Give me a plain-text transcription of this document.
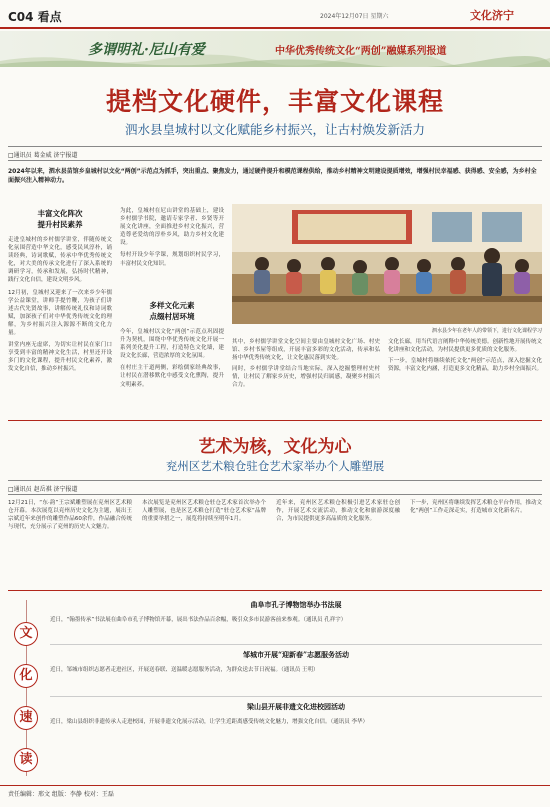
C04 看点	2024年12月07日 星期六	文化济宁
多谓明礼·尼山有爱	中华优秀传统文化“两创”融媒系列报道
提档文化硬件，丰富文化课程
泗水县皇城村以文化赋能乡村振兴，让古村焕发新活力
□通讯员 葛金威 济宁报道
2024年以来，泗水县苗馆乡皇城村以文化“两创”示范点为抓手，突出重点、聚焦发力，通过硬件提升和模范课程供给，推动乡村精神文明建设提质增效，增强村民幸福感、获得感、安全感，为乡村全面振兴注入精神动力。
丰富文化阵次
提升村民素养

走进皇城村的乡村儒学讲堂，伴随传统文化氛围营造中华文化，感受民风淳朴，诵读经典，诗词歌赋，传承中华优秀传统文化，对大美的传承文化进行了深入系统的调研学习，传承和发展，弘扬时代精神，践行文化自信，建设文明乡风。

12月初，皇城村又迎来了一次来乡少年儒学公益课堂，讲师手提竹鞭，为孩子们讲述古代先贤故事，讲解传统礼仪和诗词歌赋，加深孩子们对中华优秀传统文化的理解，为乡村振兴注入源源不断的文化力量。

讲堂内座无虚席，为切实让村民在家门口享受到丰富的精神文化生活，村里还开设多门的文化课程，提升村民文化素养，激发文化自信，推动乡村振兴。

为此，皇城村在尼山讲堂的基础上，建设乡村儒学书院，邀请专家学者、乡贤等开展文化讲座，全面推进乡村文化振兴，营造尊老爱幼的淳朴乡风，助力乡村文化建设。

每村开设少年学课，规划组织村民学习，丰富村民文化知识。

多样文化元素
点缀村居环境

今年，皇城村以文化“两创”示范点巩固提升为契机，围绕中华优秀传统文化开展一系列美化提升工程，打造特色文化墙，建设文化长廊，营造浓厚的文化氛围。

在村庄主干道两侧，彩绘儒家经典故事，让村民在潜移默化中感受文化熏陶，提升文明素养。

泗水县少年在老年人的带领下，进行文化课程学习

其中，乡村儒学讲堂文化空间主要由皇城村文化广场、村史馆、乡村书屋等组成，开展丰富多彩的文化活动，传承和弘扬中华优秀传统文化，让文化惠民落到实处。

同时，乡村儒学讲堂结合当地实际，深入挖掘整理村史村情，让村民了解家乡历史，增强村民归属感，凝聚乡村振兴合力。

文化长廊，用当代语言阐释中华传统美德。创新性地开展传统文化讲座和文化活动，为村民提供更多优质的文化服务。

下一步，皇城村将继续依托文化“两创”示范点，深入挖掘文化资源，丰富文化内涵，打造更多文化精品，助力乡村全面振兴。

艺术为核，文化为心
兖州区艺术粮仓驻仓艺术家举办个人雕塑展
□通讯员 赵岳祺 济宁报道
12月21日，“东·韵”王宗斌雕塑展在兖州区艺术粮仓开幕。本次展览以兖州历史文化为主题，展出王宗斌近年来创作的雕塑作品60余件，作品融合传统与现代，充分展示了兖州的历史人文魅力。
本次展览是兖州区艺术粮仓驻仓艺术家首次举办个人雕塑展，也是区艺术粮仓打造“驻仓艺术家”品牌的重要举措之一，展览将持续至明年1月。
近年来，兖州区艺术粮仓积极引进艺术家驻仓创作，开展艺术交流活动，推动文化和旅游深度融合，为市民提供更多高品质的文化服务。
下一步，兖州区将继续发挥艺术粮仓平台作用，推动文化“两创”工作走深走实，打造城市文化新名片。
文
化
速
读
曲阜市孔子博物馆举办书法展
近日，“翰墨传承”书法展在曲阜市孔子博物馆开幕，展出书法作品百余幅，吸引众多市民游客前来参观。（通讯员 孔祥宇）
邹城市开展“迎新春”志愿服务活动
近日，邹城市组织志愿者走进社区，开展送春联、送温暖志愿服务活动，为群众送去节日祝福。（通讯员 王明）
梁山县开展非遗文化进校园活动
近日，梁山县组织非遗传承人走进校园，开展非遗文化展示活动，让学生近距离感受传统文化魅力，增强文化自信。（通讯员 李华）
责任编辑：邢文 组版：李静 校对：王磊
